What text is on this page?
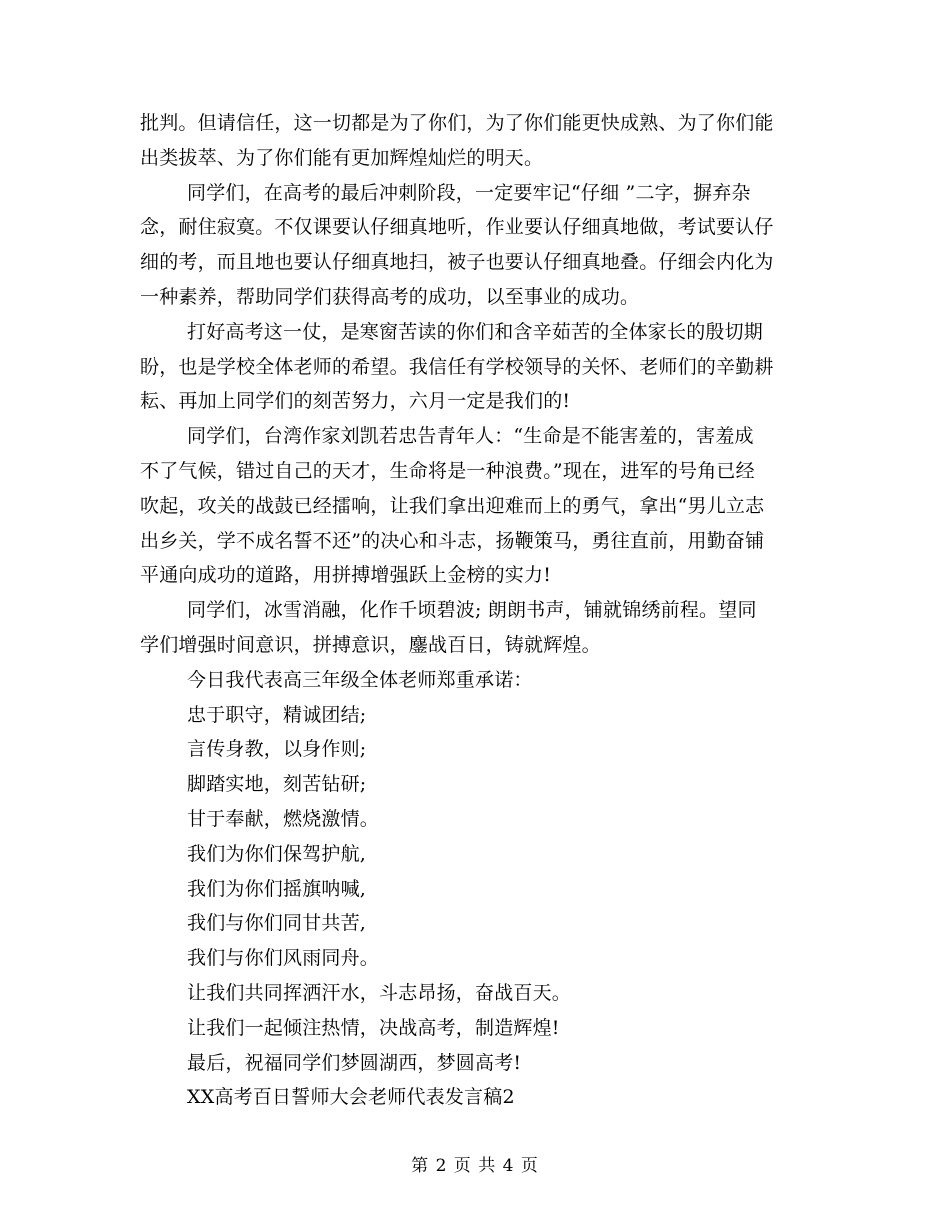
批判。但请信任，这一切都是为了你们，为了你们能更快成熟、为了你们能
出类拔萃、为了你们能有更加辉煌灿烂的明天。
同学们，在高考的最后冲刺阶段，一定要牢记“仔细 ”二字，摒弃杂
念，耐住寂寞。不仅课要认仔细真地听，作业要认仔细真地做，考试要认仔
细的考，而且地也要认仔细真地扫，被子也要认仔细真地叠。仔细会内化为
一种素养，帮助同学们获得高考的成功，以至事业的成功。
打好高考这一仗，是寒窗苦读的你们和含辛茹苦的全体家长的殷切期
盼，也是学校全体老师的希望。我信任有学校领导的关怀、老师们的辛勤耕
耘、再加上同学们的刻苦努力，六月一定是我们的!
同学们，台湾作家刘凯若忠告青年人：“生命是不能害羞的，害羞成
不了气候，错过自己的天才，生命将是一种浪费。”现在，进军的号角已经
吹起，攻关的战鼓已经擂响，让我们拿出迎难而上的勇气，拿出“男儿立志
出乡关，学不成名誓不还”的决心和斗志，扬鞭策马，勇往直前，用勤奋铺
平通向成功的道路，用拼搏增强跃上金榜的实力!
同学们，冰雪消融，化作千顷碧波; 朗朗书声，铺就锦绣前程。望同
学们增强时间意识，拼搏意识，鏖战百日，铸就辉煌。
今日我代表高三年级全体老师郑重承诺：
忠于职守，精诚团结;
言传身教，以身作则;
脚踏实地，刻苦钻研;
甘于奉献，燃烧激情。
我们为你们保驾护航,
我们为你们摇旗呐喊,
我们与你们同甘共苦,
我们与你们风雨同舟。
让我们共同挥洒汗水，斗志昂扬，奋战百天。
让我们一起倾注热情，决战高考，制造辉煌!
最后，祝福同学们梦圆湖西，梦圆高考!
XX高考百日誓师大会老师代表发言稿2
第 2 页 共 4 页
